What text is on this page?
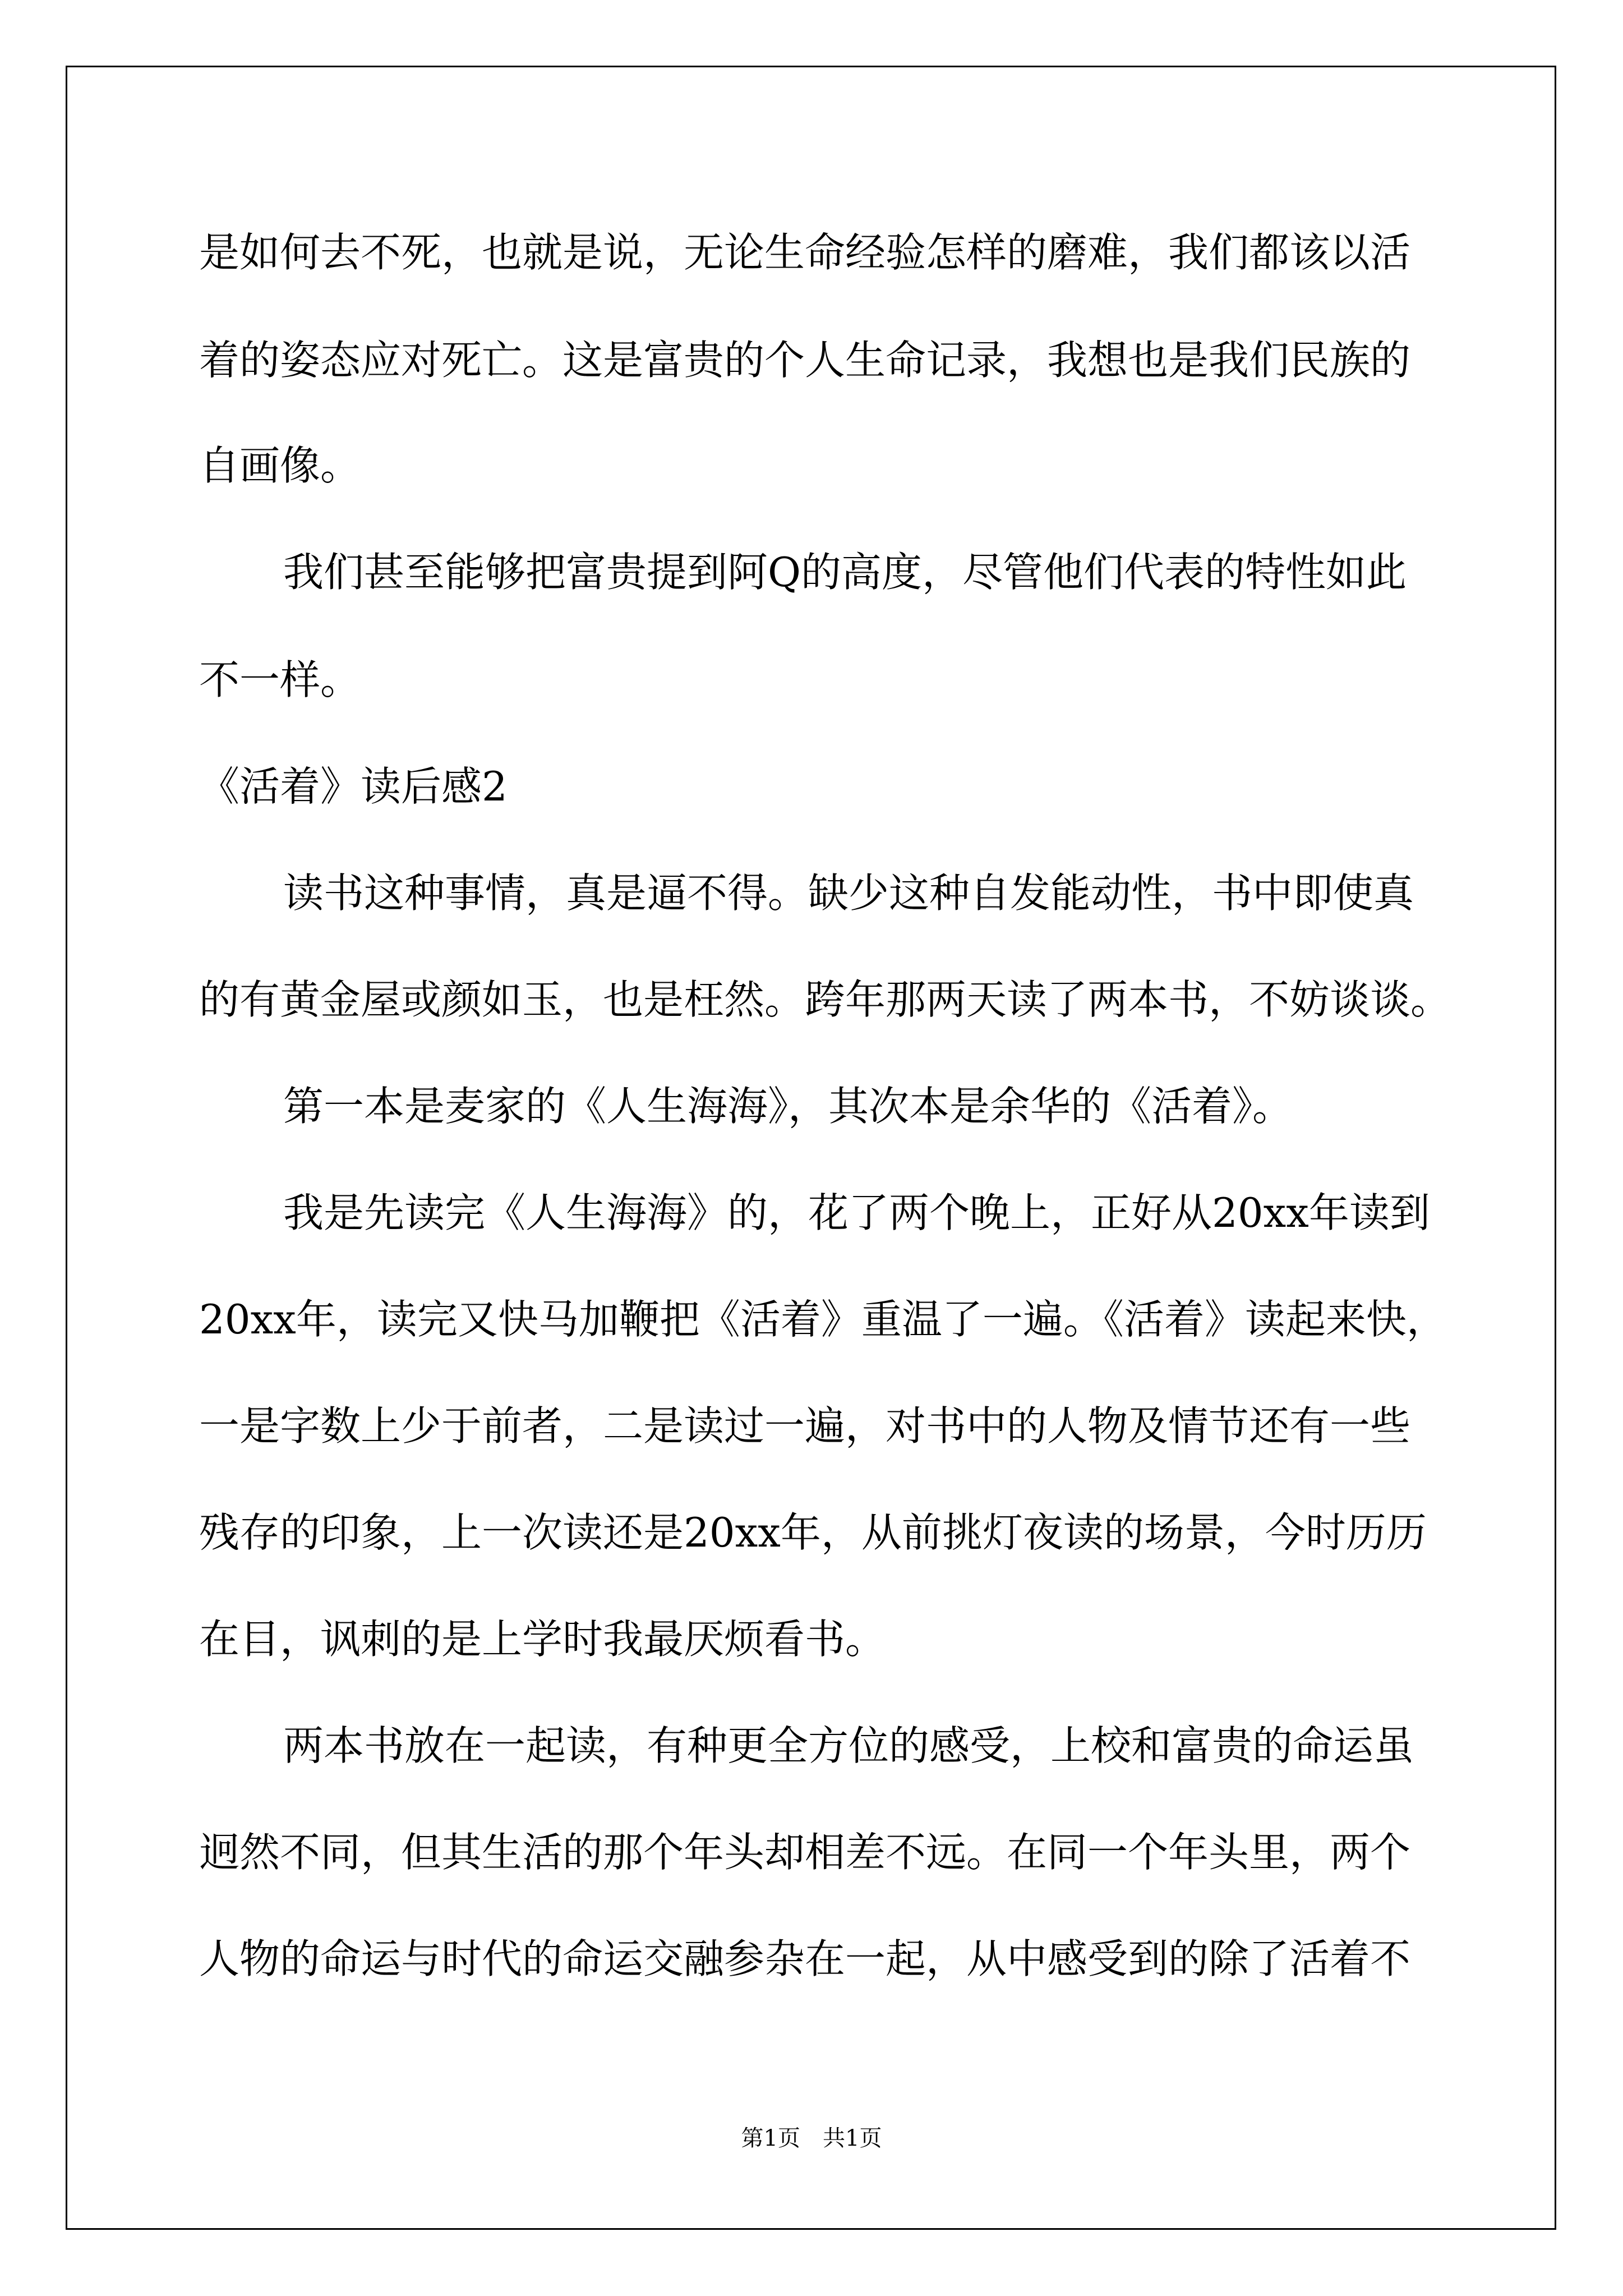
是如何去不死，也就是说，无论生命经验怎样的磨难，我们都该以活
着的姿态应对死亡。这是富贵的个人生命记录，我想也是我们民族的
自画像。
我们甚至能够把富贵提到阿Q的高度，尽管他们代表的特性如此
不一样。
《活着》读后感2
读书这种事情，真是逼不得。缺少这种自发能动性，书中即使真
的有黄金屋或颜如玉，也是枉然。跨年那两天读了两本书，不妨谈谈。
第一本是麦家的《人生海海》，其次本是余华的《活着》。
我是先读完《人生海海》的，花了两个晚上，正好从20xx年读到
20xx年，读完又快马加鞭把《活着》重温了一遍。《活着》读起来快，
一是字数上少于前者，二是读过一遍，对书中的人物及情节还有一些
残存的印象，上一次读还是20xx年，从前挑灯夜读的场景，今时历历
在目，讽刺的是上学时我最厌烦看书。
两本书放在一起读，有种更全方位的感受，上校和富贵的命运虽
迥然不同，但其生活的那个年头却相差不远。在同一个年头里，两个
人物的命运与时代的命运交融参杂在一起，从中感受到的除了活着不
第1页　共1页
